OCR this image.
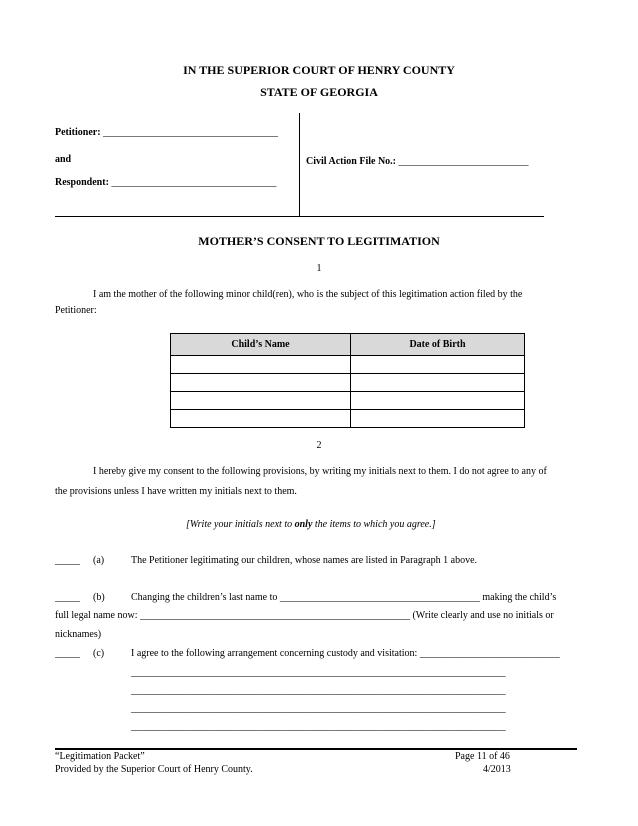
IN THE SUPERIOR COURT OF HENRY COUNTY
STATE OF GEORGIA
Petitioner: ___________________________________
and
Respondent: _________________________________
Civil Action File No.: __________________________
MOTHER’S CONSENT TO LEGITIMATION
1
I am the mother of the following minor child(ren), who is the subject of this legitimation action filed by the
Petitioner:
Child’s Name	Date of Birth

2
I hereby give my consent to the following provisions, by writing my initials next to them. I do not agree to any of
the provisions unless I have written my initials next to them.
[Write your initials next to only the items to which you agree.]
_____ (a)	The Petitioner legitimating our children, whose names are listed in Paragraph 1 above.
_____ (b)	Changing the children’s last name to ________________________________________ making the child’s
full legal name now: ______________________________________________________ (Write clearly and use no initials or
nicknames)
_____ (c)	I agree to the following arrangement concerning custody and visitation: ____________________________
______________________________________________________________________________
______________________________________________________________________________
______________________________________________________________________________
______________________________________________________________________________
“Legitimation Packet”
Provided by the Superior Court of Henry County.
Page 11 of 46
4/2013
